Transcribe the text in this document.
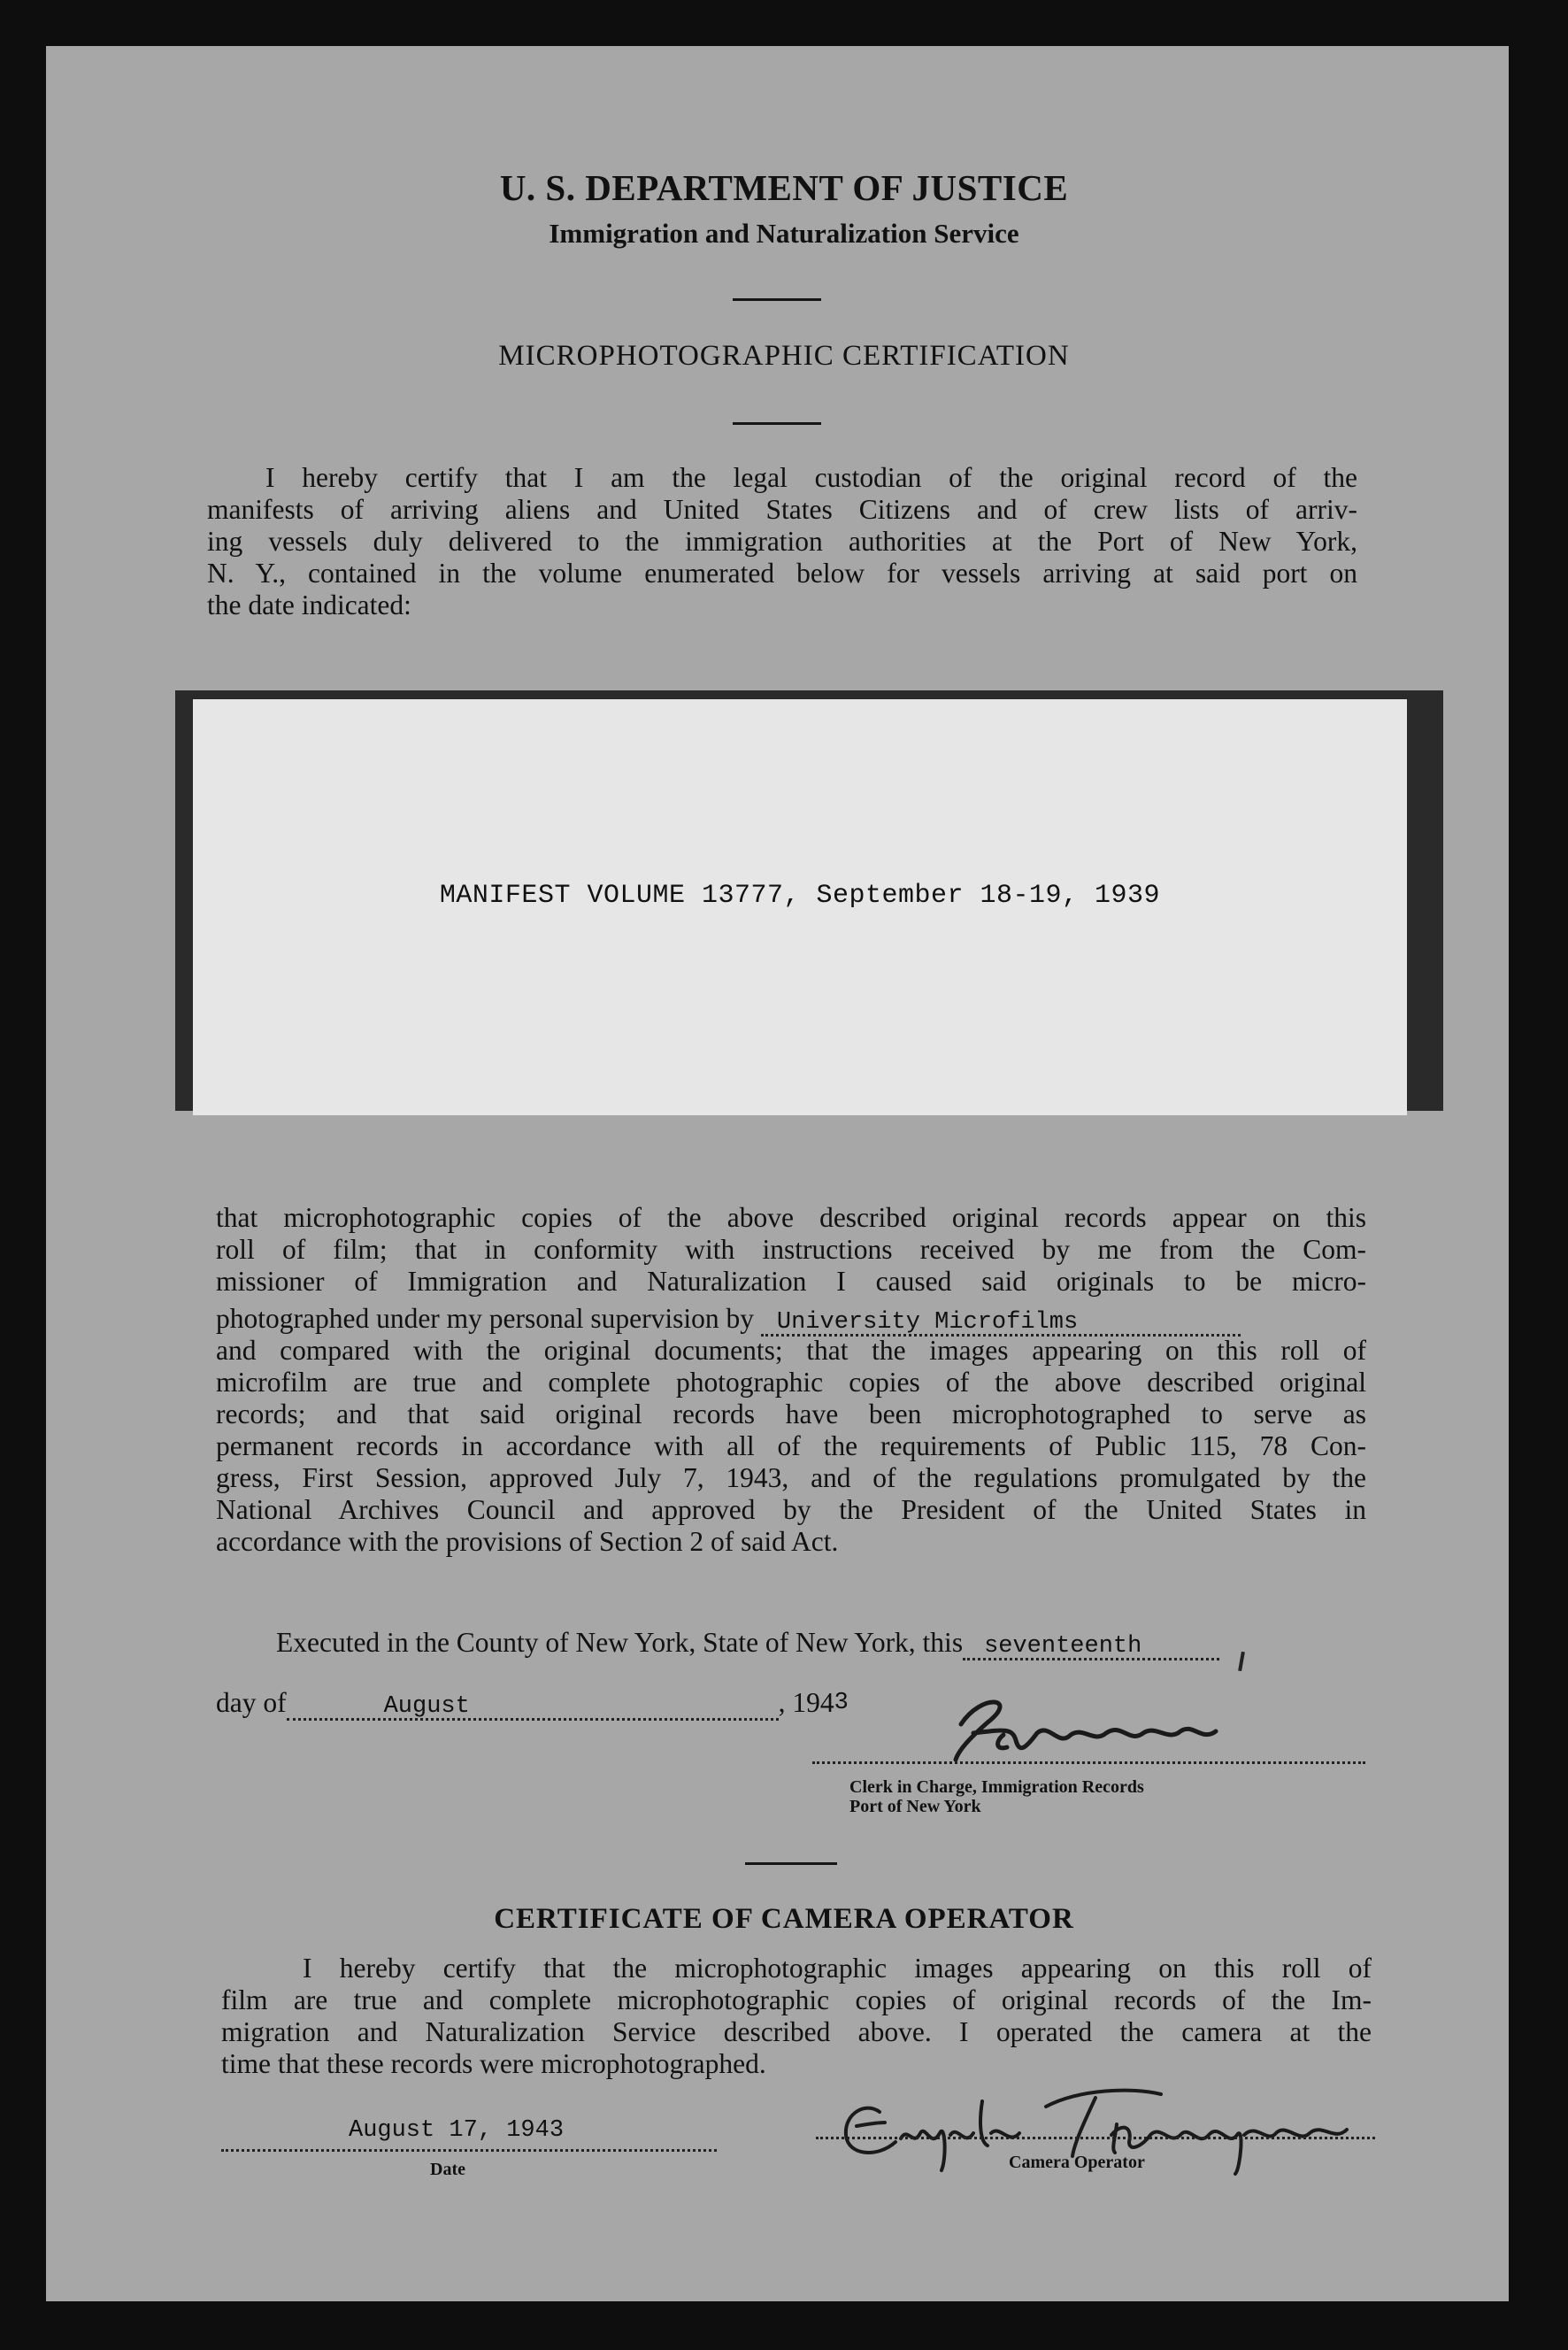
U. S. DEPARTMENT OF JUSTICE

Immigration and Naturalization Service

MICROPHOTOGRAPHIC CERTIFICATION

I hereby certify that I am the legal custodian of the original record of the
manifests of arriving aliens and United States Citizens and of crew lists of arriv-
ing vessels duly delivered to the immigration authorities at the Port of New York,
N. Y., contained in the volume enumerated below for vessels arriving at said port on
the date indicated:
MANIFEST VOLUME 13777, September 18-19, 1939
that microphotographic copies of the above described original records appear on this
roll of film; that in conformity with instructions received by me from the Com-
missioner of Immigration and Naturalization I caused said originals to be micro-
photographed under my personal supervision by University Microfilms
and compared with the original documents; that the images appearing on this roll of
microfilm are true and complete photographic copies of the above described original
records; and that said original records have been microphotographed to serve as
permanent records in accordance with all of the requirements of Public 115, 78 Con-
gress, First Session, approved July 7, 1943, and of the regulations promulgated by the
National Archives Council and approved by the President of the United States in
accordance with the provisions of Section 2 of said Act.
Executed in the County of New York, State of New York, this seventeenth
day of	August	, 1943
Clerk in Charge, Immigration Records
Port of New York

CERTIFICATE OF CAMERA OPERATOR

I hereby certify that the microphotographic images appearing on this roll of
film are true and complete microphotographic copies of original records of the Im-
migration and Naturalization Service described above. I operated the camera at the
time that these records were microphotographed.
August 17, 1943
Date	Camera Operator
